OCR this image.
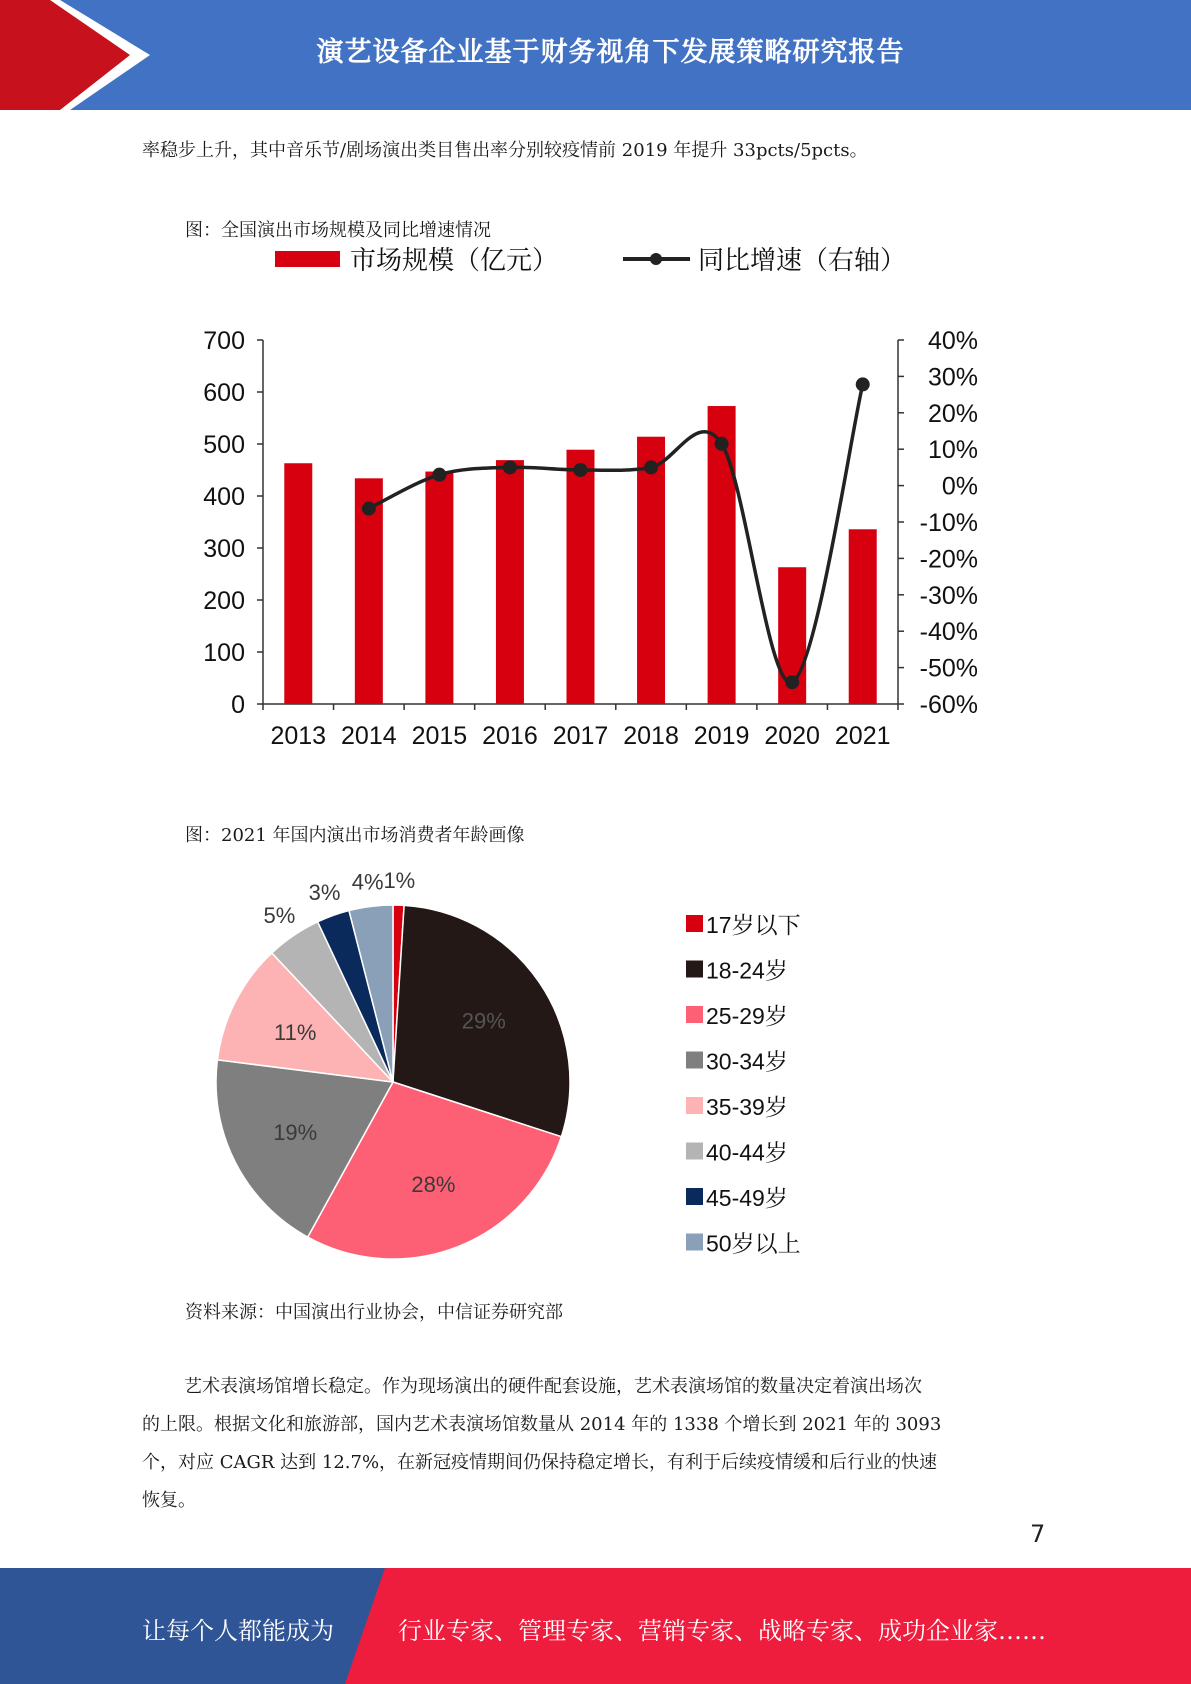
演艺设备企业基于财务视角下发展策略研究报告
率稳步上升，其中音乐节/剧场演出类目售出率分别较疫情前 2019 年提升 33pcts/5pcts。
图：全国演出市场规模及同比增速情况
市场规模（亿元）	同比增速（右轴）
0
100
200
300
400
500
600
700
-60%
-50%
-40%
-30%
-20%
-10%
0%
10%
20%
30%
40%
2013 2014 2015 2016 2017 2018 2019 2020 2021
图：2021 年国内演出市场消费者年龄画像
1%
29%
28%
19%
11%
5%
3% 4%
17岁以下
18-24岁
25-29岁
30-34岁
35-39岁
40-44岁
45-49岁
50岁以上
资料来源：中国演出行业协会，中信证券研究部
艺术表演场馆增长稳定。作为现场演出的硬件配套设施，艺术表演场馆的数量决定着演出场次
的上限。根据文化和旅游部，国内艺术表演场馆数量从 2014 年的 1338 个增长到 2021 年的 3093
个，对应 CAGR 达到 12.7%，在新冠疫情期间仍保持稳定增长，有利于后续疫情缓和后行业的快速
恢复。
7
让每个人都能成为	行业专家、管理专家、营销专家、战略专家、成功企业家……
